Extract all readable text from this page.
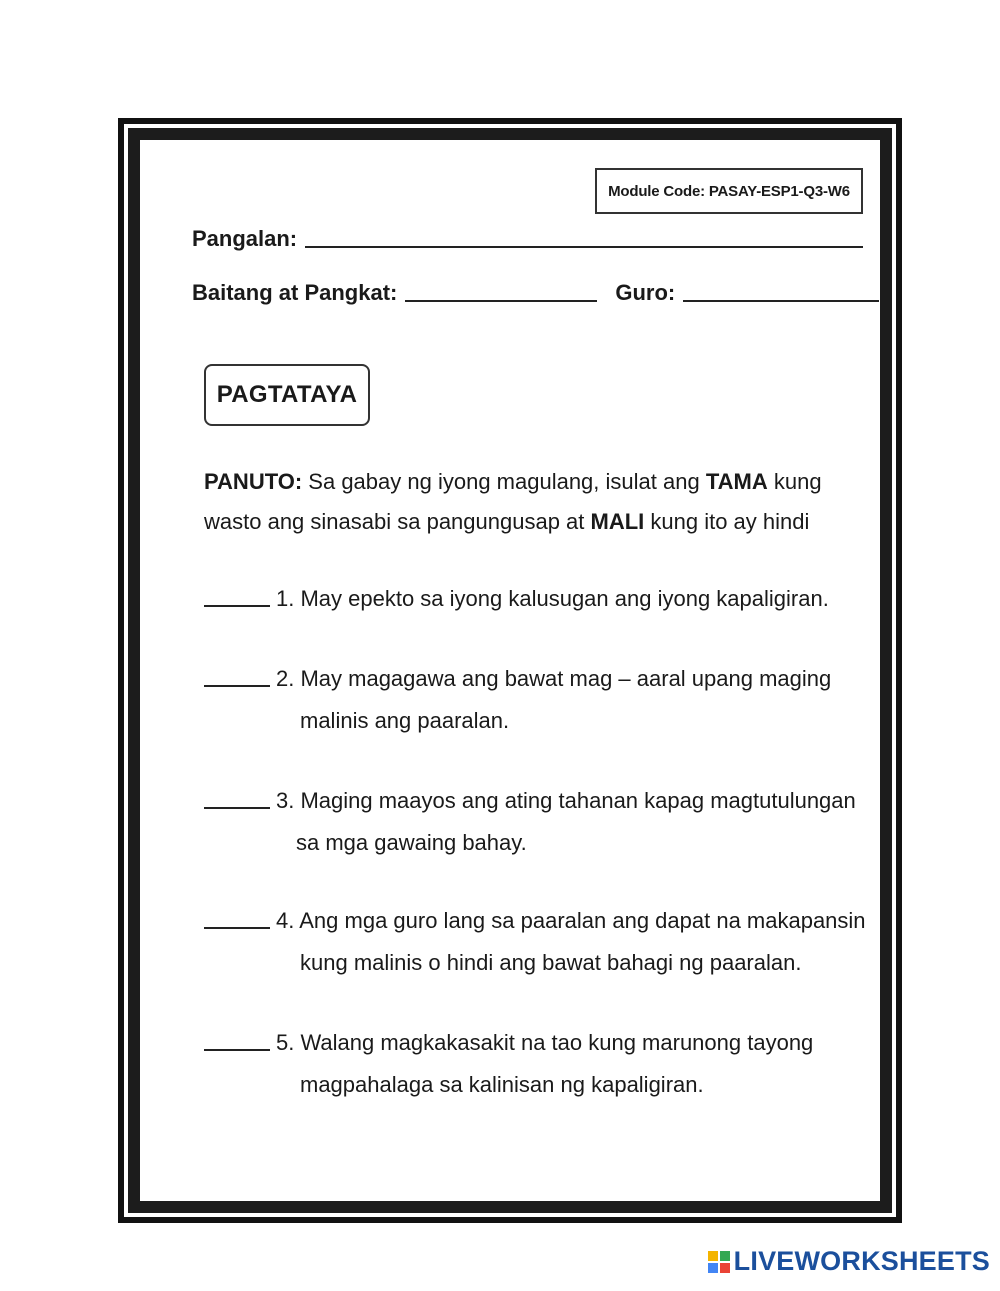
Module Code: PASAY-ESP1-Q3-W6
Pangalan:
Baitang at Pangkat:	Guro:
PAGTATAYA
PANUTO: Sa gabay ng iyong magulang, isulat ang TAMA kung wasto ang sinasabi sa pangungusap at MALI kung ito ay hindi
1. May epekto sa iyong kalusugan ang iyong kapaligiran.
2. May magagawa ang bawat mag – aaral upang maging
malinis ang paaralan.
3. Maging maayos ang ating tahanan kapag magtutulungan
sa mga gawaing bahay.
4. Ang mga guro lang sa paaralan ang dapat na makapansin
kung malinis o hindi ang bawat bahagi ng paaralan.
5. Walang magkakasakit na tao kung marunong tayong
magpahalaga sa kalinisan ng kapaligiran.
LIVEWORKSHEETS
